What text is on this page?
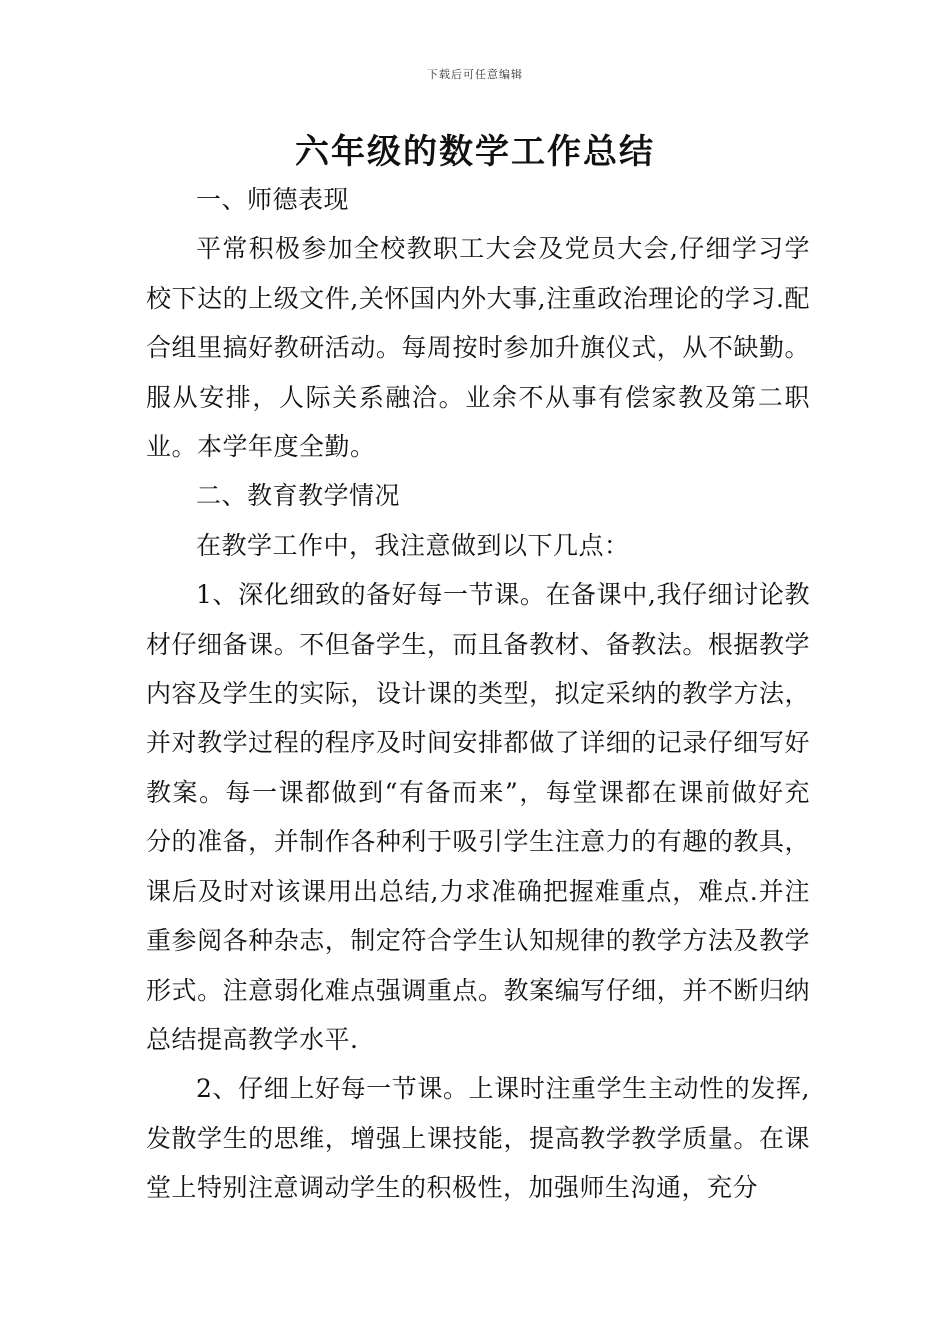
下载后可任意编辑
六年级的数学工作总结

一、师德表现

平常积极参加全校教职工大会及党员大会,仔细学习学校下达的上级文件,关怀国内外大事,注重政治理论的学习.配合组里搞好教研活动。每周按时参加升旗仪式，从不缺勤。服从安排，人际关系融洽。业余不从事有偿家教及第二职业。本学年度全勤。

二、教育教学情况

在教学工作中，我注意做到以下几点：

1、深化细致的备好每一节课。在备课中,我仔细讨论教材仔细备课。不但备学生，而且备教材、备教法。根据教学内容及学生的实际，设计课的类型，拟定采纳的教学方法，并对教学过程的程序及时间安排都做了详细的记录仔细写好教案。每一课都做到“有备而来”，每堂课都在课前做好充分的准备，并制作各种利于吸引学生注意力的有趣的教具，课后及时对该课用出总结,力求准确把握难重点，难点.并注重参阅各种杂志，制定符合学生认知规律的教学方法及教学形式。注意弱化难点强调重点。教案编写仔细，并不断归纳总结提高教学水平.

2、仔细上好每一节课。上课时注重学生主动性的发挥,发散学生的思维，增强上课技能，提高教学教学质量。在课堂上特别注意调动学生的积极性，加强师生沟通，充分
